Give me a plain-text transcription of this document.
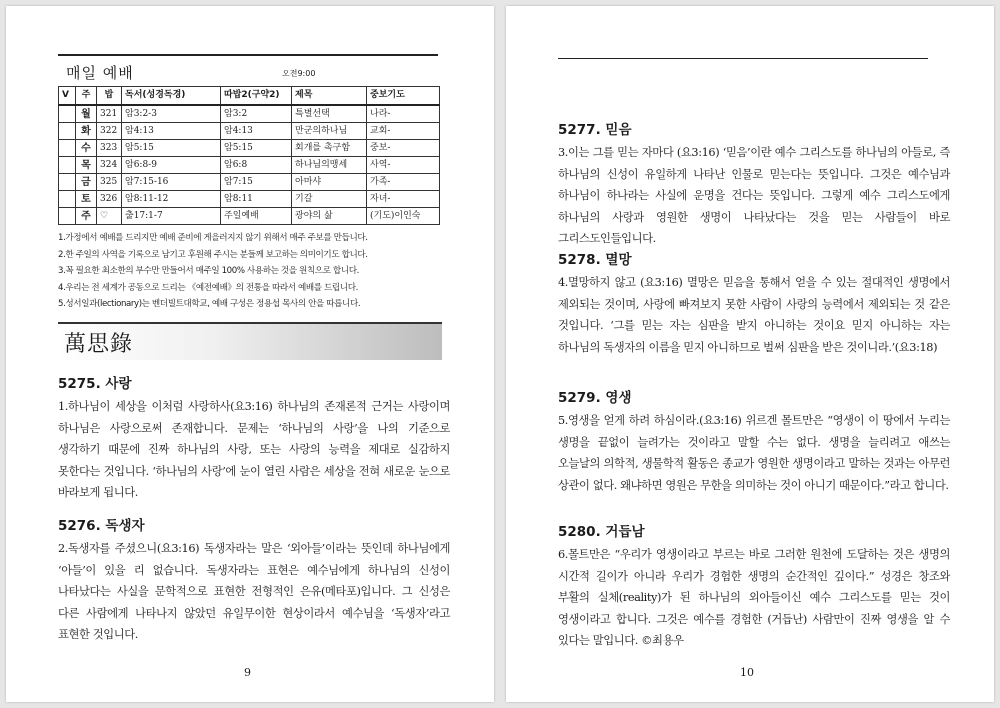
매일 예배	오전9:00
V	주	밥	독서(성경독경)	따밥2(구약2)	제목	중보기도
	월	321	암3:2-3	암3:2	특별선택	나라-
	화	322	암4:13	암4:13	만군의하나님	교회-
	수	323	암5:15	암5:15	회개를 촉구함	중보-
	목	324	암6:8-9	암6:8	하나님의맹세	사역-
	금	325	암7:15-16	암7:15	아마샤	가족-
	토	326	암8:11-12	암8:11	기갈	자녀-
	주	♡	출17:1-7	주일예배	광야의 삶	(기도)이인숙
1.가정에서 예배를 드리지만 예배 준비에 게을러지지 않기 위해서 매주 주보를 만듭니다.
2.한 주일의 사역을 기록으로 남기고 후원해 주시는 분들께 보고하는 의미이기도 합니다.
3.꼭 필요한 최소한의 부수만 만들어서 매주일 100% 사용하는 것을 원칙으로 합니다.
4.우리는 전 세계가 공동으로 드리는 《예전예배》의 전통을 따라서 예배를 드립니다.
5.성서일과(lectionary)는 벤더빌트대학교, 예배 구성은 정용섭 목사의 안을 따릅니다.
萬思錄
5275. 사랑

1.하나님이 세상을 이처럼 사랑하사(요3:16) 하나님의 존재론적 근거는 사랑이며 하나님은 사랑으로써 존재합니다. 문제는 ‘하나님의 사랑’을 나의 기준으로 생각하기 때문에 진짜 하나님의 사랑, 또는 사랑의 능력을 제대로 실감하지 못한다는 것입니다. ‘하나님의 사랑’에 눈이 열린 사람은 세상을 전혀 새로운 눈으로 바라보게 됩니다.

5276. 독생자

2.독생자를 주셨으니(요3:16) 독생자라는 말은 ‘외아들’이라는 뜻인데 하나님에게 ‘아들’이 있을 리 없습니다. 독생자라는 표현은 예수님에게 하나님의 신성이 나타났다는 사실을 문학적으로 표현한 전형적인 은유(메타포)입니다. 그 신성은 다른 사람에게 나타나지 않았던 유일무이한 현상이라서 예수님을 ‘독생자’라고 표현한 것입니다.

9
5277. 믿음

3.이는 그를 믿는 자마다 (요3:16) ‘믿음’이란 예수 그리스도를 하나님의 아들로, 즉 하나님의 신성이 유일하게 나타난 인물로 믿는다는 뜻입니다. 그것은 예수님과 하나님이 하나라는 사실에 운명을 건다는 뜻입니다. 그렇게 예수 그리스도에게 하나님의 사랑과 영원한 생명이 나타났다는 것을 믿는 사람들이 바로 그리스도인들입니다.

5278. 멸망

4.멸망하지 않고 (요3:16) 멸망은 믿음을 통해서 얻을 수 있는 절대적인 생명에서 제외되는 것이며, 사랑에 빠져보지 못한 사람이 사랑의 능력에서 제외되는 것 같은 것입니다. ‘그를 믿는 자는 심판을 받지 아니하는 것이요 믿지 아니하는 자는 하나님의 독생자의 이름을 믿지 아니하므로 벌써 심판을 받은 것이니라.’(요3:18)

5279. 영생

5.영생을 얻게 하려 하심이라.(요3:16) 위르겐 몰트만은 “영생이 이 땅에서 누리는 생명을 끝없이 늘려가는 것이라고 말할 수는 없다. 생명을 늘리려고 애쓰는 오늘날의 의학적, 생물학적 활동은 종교가 영원한 생명이라고 말하는 것과는 아무런 상관이 없다. 왜냐하면 영원은 무한을 의미하는 것이 아니기 때문이다.”라고 합니다.

5280. 거듭남

6.몰트만은 “우리가 영생이라고 부르는 바로 그러한 원천에 도달하는 것은 생명의 시간적 길이가 아니라 우리가 경험한 생명의 순간적인 깊이다.” 성경은 창조와 부활의 실체(reality)가 된 하나님의 외아들이신 예수 그리스도를 믿는 것이 영생이라고 합니다. 그것은 예수를 경험한 (거듭난) 사람만이 진짜 영생을 알 수 있다는 말입니다. ©최용우

10
